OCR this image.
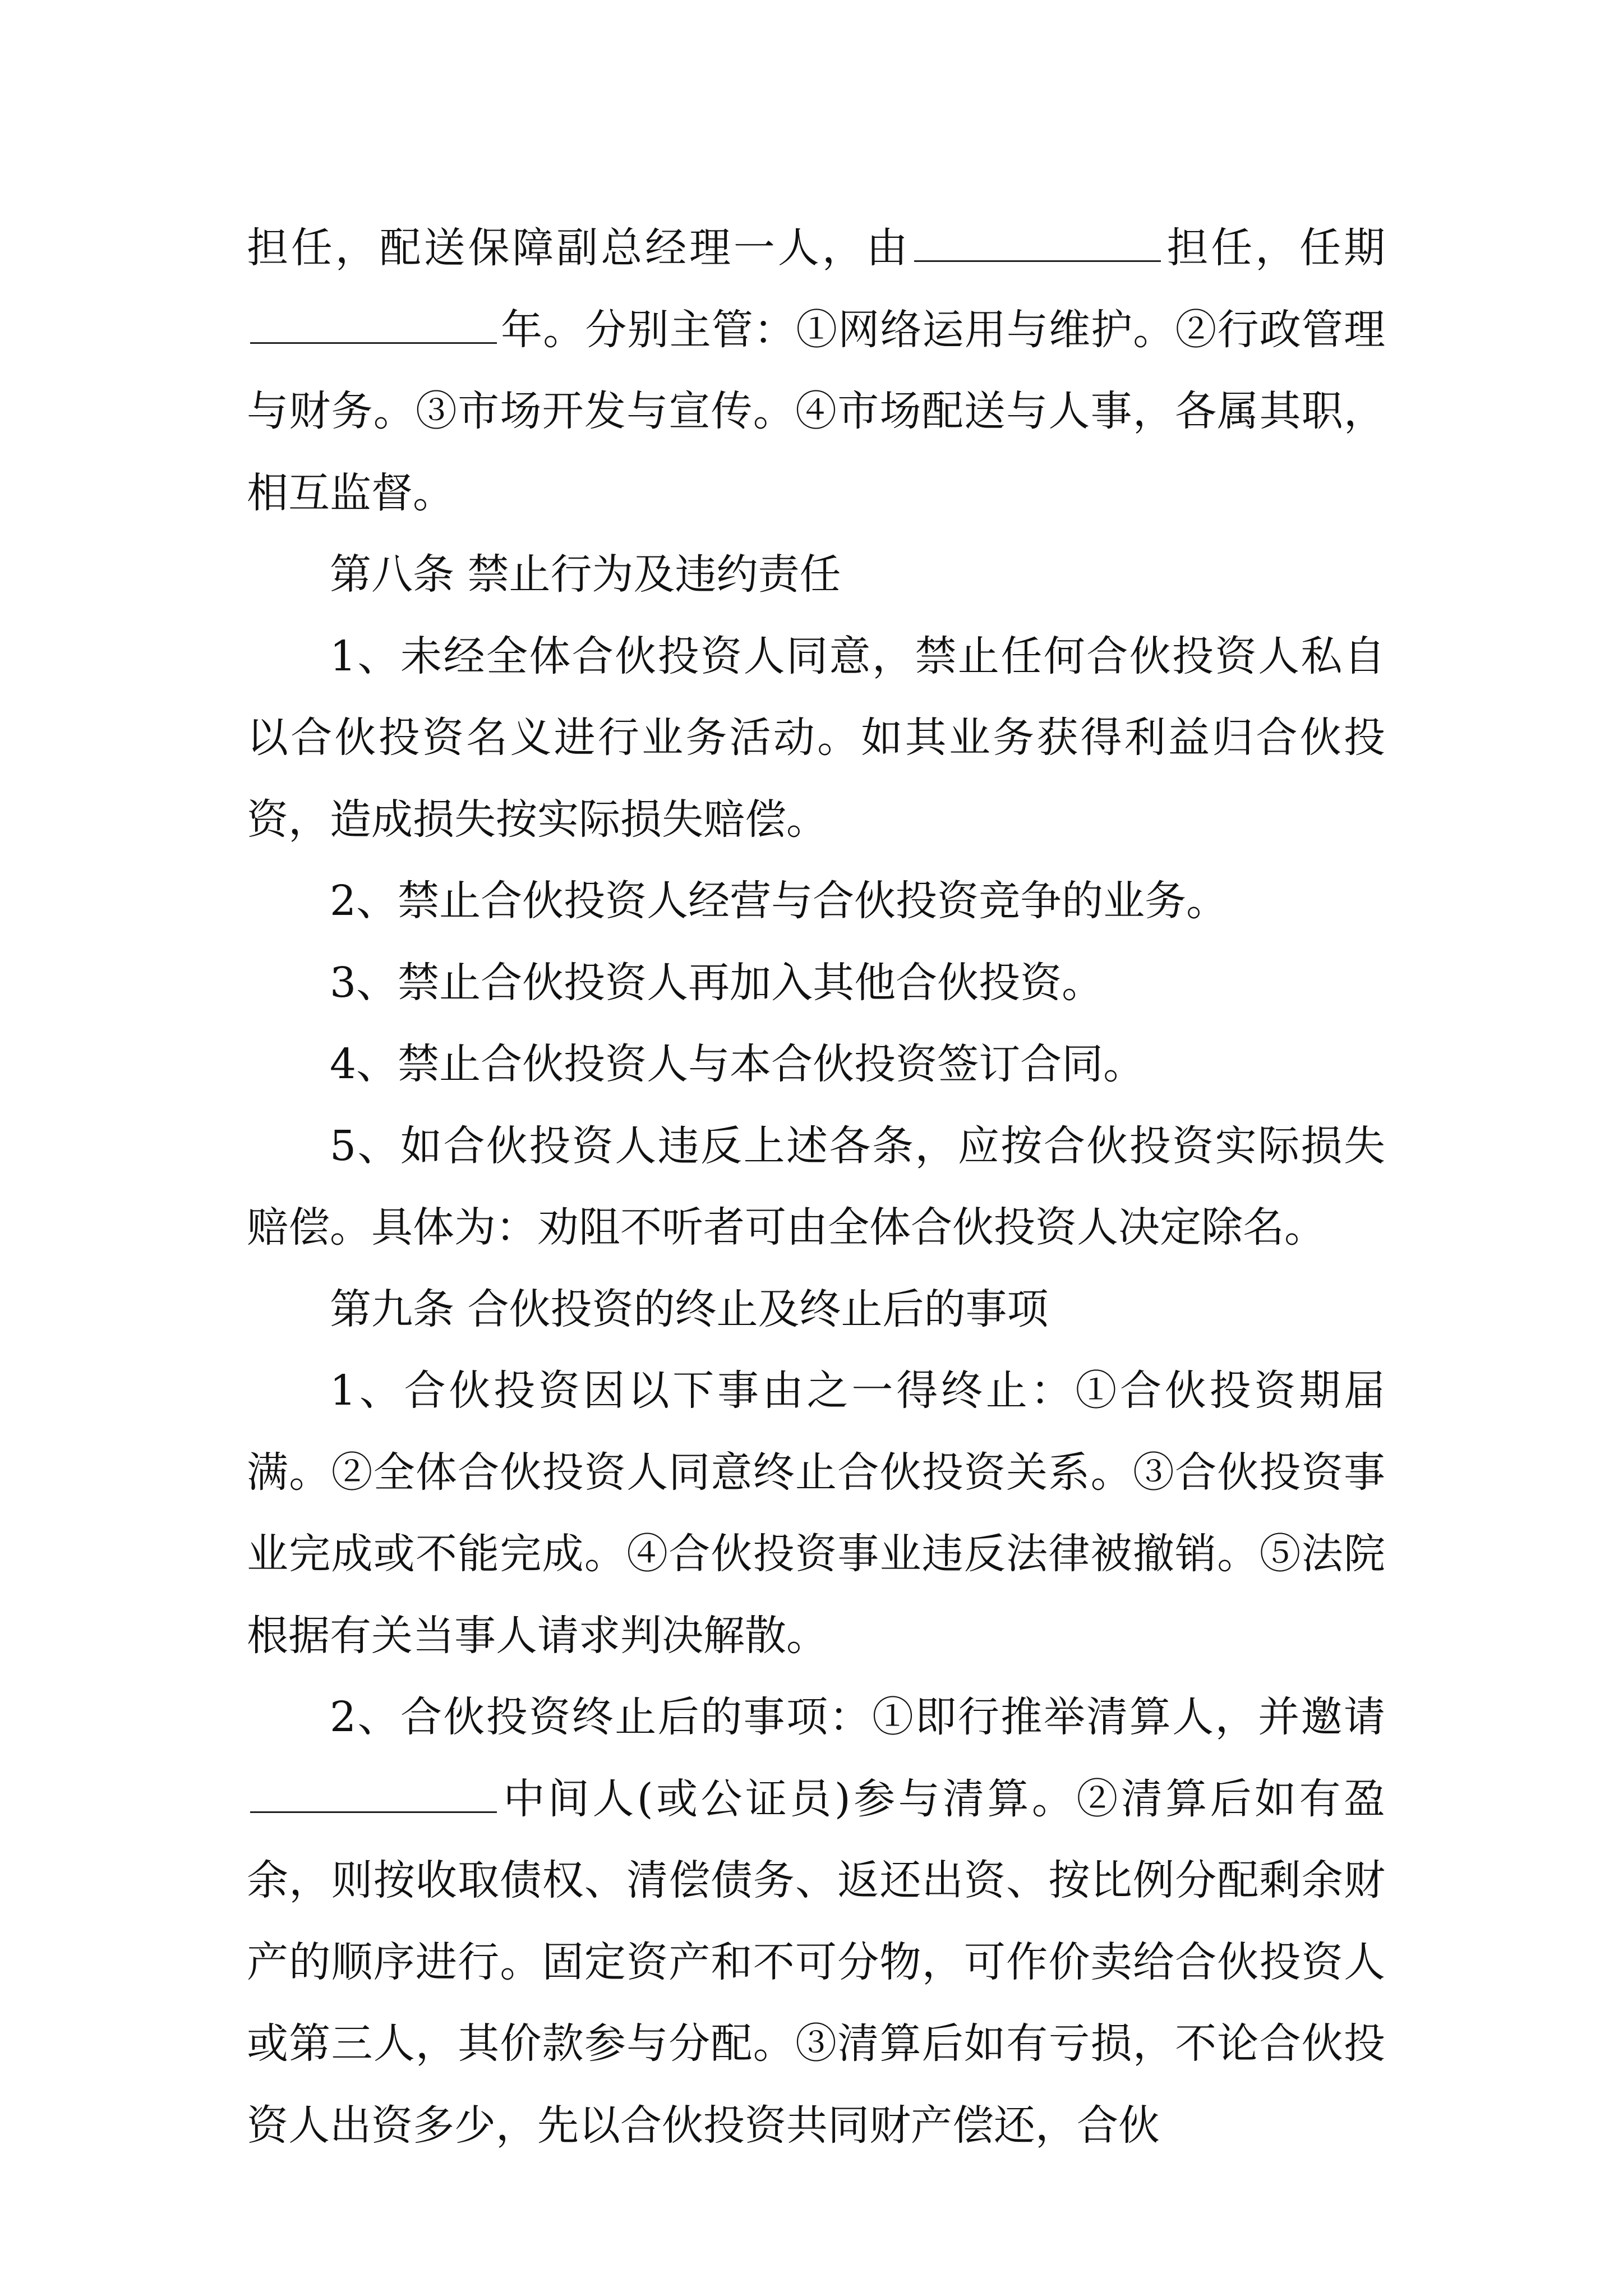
担任，配送保障副总经理一人，由	担任，任期年。分别主管：①网络运用与维护。②行政管理与财务。③市场开发与宣传。④市场配送与人事，各属其职，相互监督。

第八条 禁止行为及违约责任

1、未经全体合伙投资人同意，禁止任何合伙投资人私自以合伙投资名义进行业务活动。如其业务获得利益归合伙投资，造成损失按实际损失赔偿。

2、禁止合伙投资人经营与合伙投资竞争的业务。

3、禁止合伙投资人再加入其他合伙投资。

4、禁止合伙投资人与本合伙投资签订合同。

5、如合伙投资人违反上述各条，应按合伙投资实际损失赔偿。具体为：劝阻不听者可由全体合伙投资人决定除名。

第九条 合伙投资的终止及终止后的事项

1、合伙投资因以下事由之一得终止：①合伙投资期届满。②全体合伙投资人同意终止合伙投资关系。③合伙投资事业完成或不能完成。④合伙投资事业违反法律被撤销。⑤法院根据有关当事人请求判决解散。

2、合伙投资终止后的事项：①即行推举清算人，并邀请中间人(或公证员)参与清算。②清算后如有盈余，则按收取债权、清偿债务、返还出资、按比例分配剩余财产的顺序进行。固定资产和不可分物，可作价卖给合伙投资人或第三人，其价款参与分配。③清算后如有亏损，不论合伙投资人出资多少，先以合伙投资共同财产偿还，合伙
